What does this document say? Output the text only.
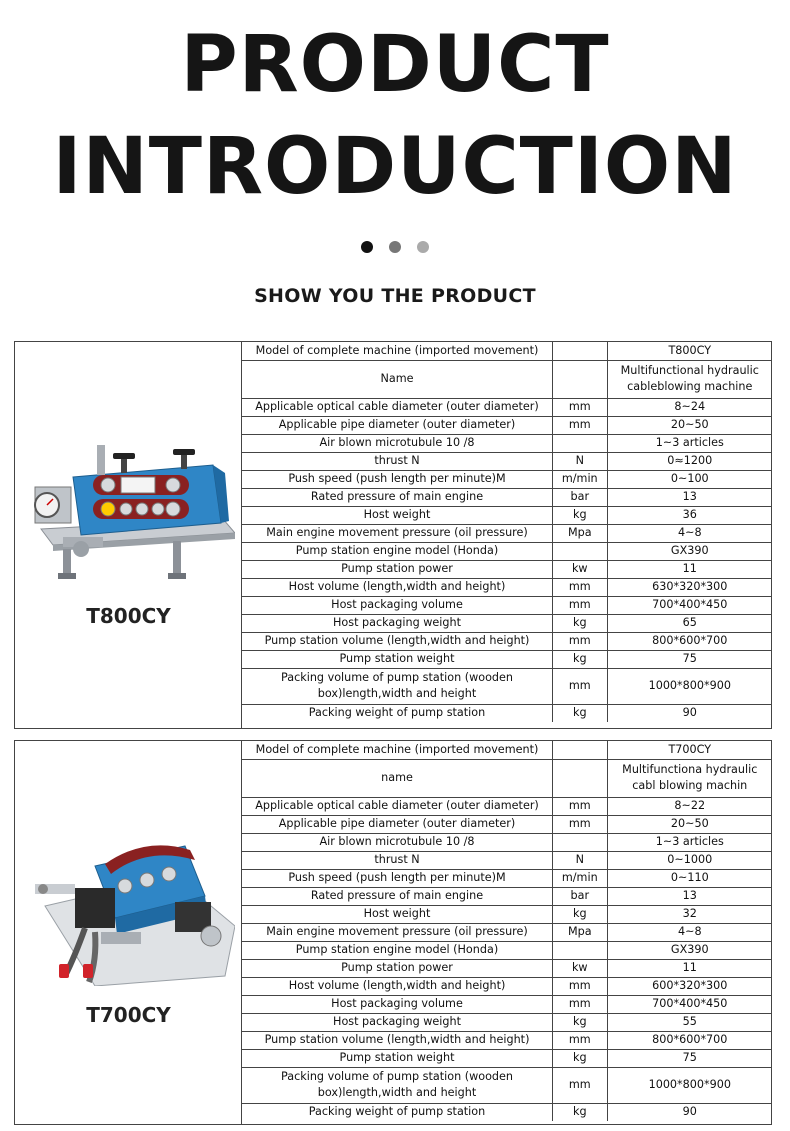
PRODUCT
INTRODUCTION
SHOW YOU THE PRODUCT
T800CY
Model of complete machine (imported movement)		T800CY
Name		Multifunctional hydraulic cableblowing machine
Applicable optical cable diameter (outer diameter)	mm	8~24
Applicable pipe diameter (outer diameter)	mm	20~50
Air blown microtubule 10 /8		1~3 articles
thrust N	N	0≈1200
Push speed (push length per minute)M	m/min	0~100
Rated pressure of main engine	bar	13
Host weight	kg	36
Main engine movement pressure (oil pressure)	Mpa	4~8
Pump station engine model (Honda)		GX390
Pump station power	kw	11
Host volume (length,width and height)	mm	630*320*300
Host packaging volume	mm	700*400*450
Host packaging weight	kg	65
Pump station volume (length,width and height)	mm	800*600*700
Pump station weight	kg	75
Packing volume of pump station (wooden box)length,width and height	mm	1000*800*900
Packing weight of pump station	kg	90
T700CY
Model of complete machine (imported movement)		T700CY
name		Multifunctiona hydraulic cabl blowing machin
Applicable optical cable diameter (outer diameter)	mm	8~22
Applicable pipe diameter (outer diameter)	mm	20~50
Air blown microtubule 10 /8		1~3 articles
thrust N	N	0~1000
Push speed (push length per minute)M	m/min	0~110
Rated pressure of main engine	bar	13
Host weight	kg	32
Main engine movement pressure (oil pressure)	Mpa	4~8
Pump station engine model (Honda)		GX390
Pump station power	kw	11
Host volume (length,width and height)	mm	600*320*300
Host packaging volume	mm	700*400*450
Host packaging weight	kg	55
Pump station volume (length,width and height)	mm	800*600*700
Pump station weight	kg	75
Packing volume of pump station (wooden box)length,width and height	mm	1000*800*900
Packing weight of pump station	kg	90
